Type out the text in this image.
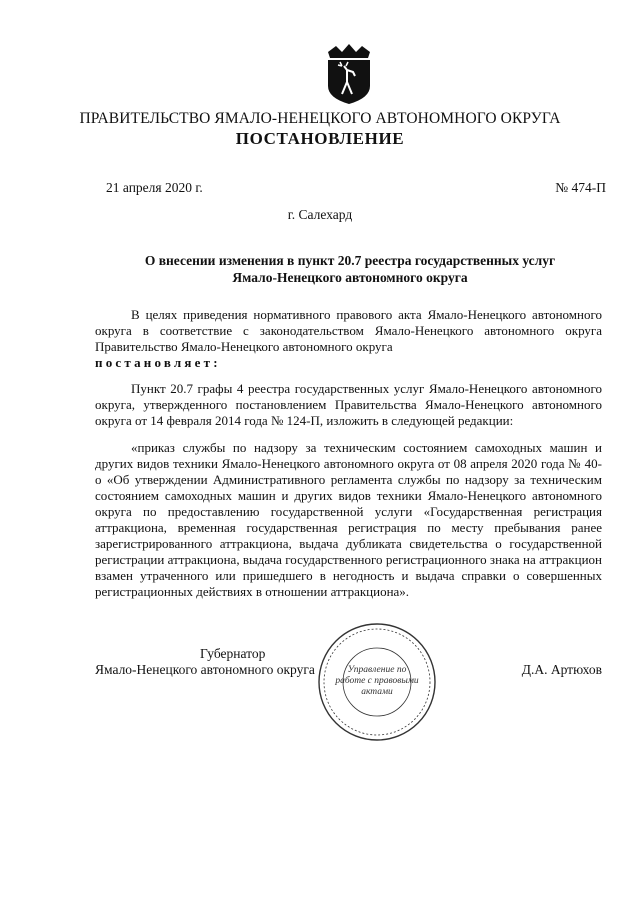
ПРАВИТЕЛЬСТВО ЯМАЛО-НЕНЕЦКОГО АВТОНОМНОГО ОКРУГА
ПОСТАНОВЛЕНИЕ
21 апреля 2020 г.	№ 474-П
г. Салехард
О внесении изменения в пункт 20.7 реестра государственных услуг
Ямало-Ненецкого автономного округа

В целях приведения нормативного правового акта Ямало-Ненецкого автономного округа в соответствие с законодательством Ямало-Ненецкого автономного округа Правительство Ямало-Ненецкого автономного округа

постановляет:

Пункт 20.7 графы 4 реестра государственных услуг Ямало-Ненецкого автономного округа, утвержденного постановлением Правительства Ямало-Ненецкого автономного округа от 14 февраля 2014 года № 124-П, изложить в следующей редакции:

«приказ службы по надзору за техническим состоянием самоходных машин и других видов техники Ямало-Ненецкого автономного округа от 08 апреля 2020 года № 40-о «Об утверждении Административного регламента службы по надзору за техническим состоянием самоходных машин и других видов техники Ямало-Ненецкого автономного округа по предоставлению государственной услуги «Государственная регистрация аттракциона, временная государственная регистрация по месту пребывания ранее зарегистрированного аттракциона, выдача дубликата свидетельства о государственной регистрации аттракциона, выдача государственного регистрационного знака на аттракцион взамен утраченного или пришедшего в негодность и выдача справки о совершенных регистрационных действиях в отношении аттракциона».

Управление по работе с правовыми актами
Губернатор
Ямало-Ненецкого автономного округа	Д.А. Артюхов
